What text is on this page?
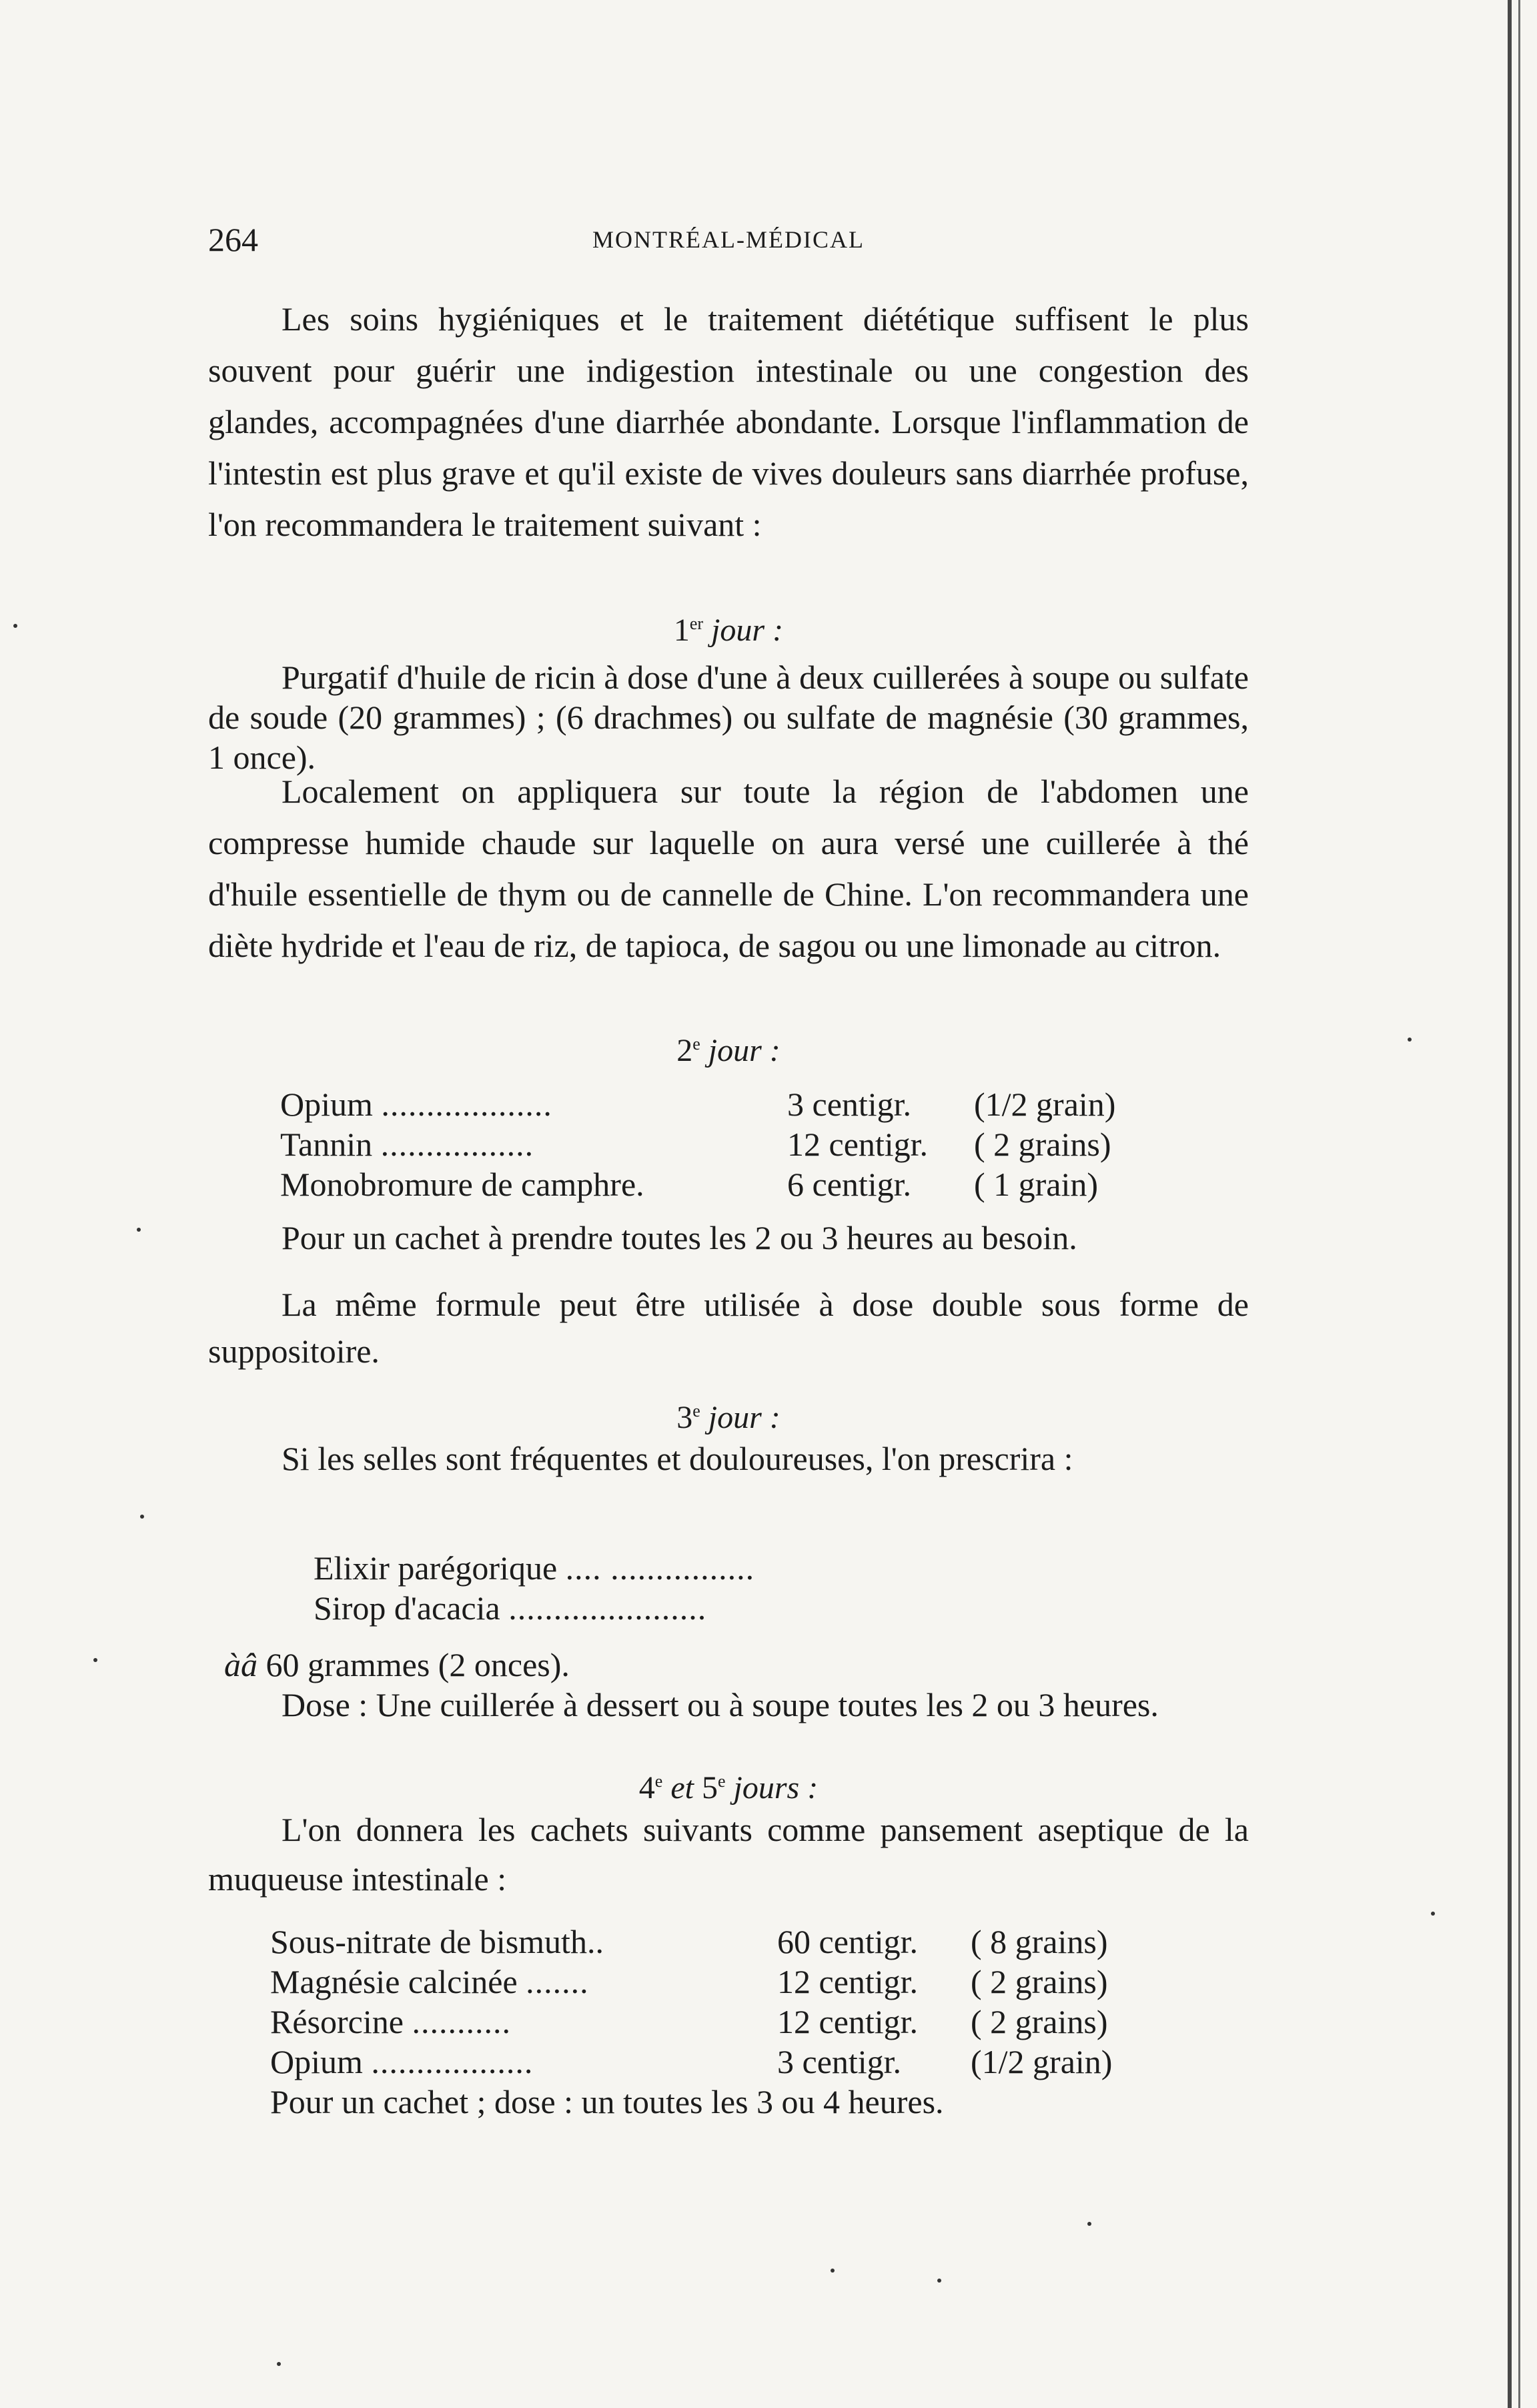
264	MONTRÉAL-MÉDICAL

Les soins hygiéniques et le traitement diététique suffisent le plus souvent pour guérir une indigestion intestinale ou une congestion des glandes, accompagnées d'une diarrhée abondante. Lorsque l'inflammation de l'intestin est plus grave et qu'il existe de vives douleurs sans diarrhée profuse, l'on recommandera le traitement suivant :

1er jour :

Purgatif d'huile de ricin à dose d'une à deux cuillerées à soupe ou sulfate de soude (20 grammes) ; (6 drachmes) ou sulfate de magnésie (30 grammes, 1 once).

Localement on appliquera sur toute la région de l'abdomen une compresse humide chaude sur laquelle on aura versé une cuillerée à thé d'huile essentielle de thym ou de cannelle de Chine. L'on recommandera une diète hydride et l'eau de riz, de tapioca, de sagou ou une limonade au citron.

2e jour :
Opium ...................	3 centigr.	(1/2 grain)
Tannin .................	12 centigr.	( 2 grains)
Monobromure de camphre.	6 centigr.	( 1 grain)

Pour un cachet à prendre toutes les 2 ou 3 heures au besoin.

La même formule peut être utilisée à dose double sous forme de suppositoire.

3e jour :

Si les selles sont fréquentes et douloureuses, l'on prescrira :

Elixir parégorique .... ................
Sirop d'acacia ......................
àâ 60 grammes (2 onces).

Dose : Une cuillerée à dessert ou à soupe toutes les 2 ou 3 heures.

4e et 5e jours :

L'on donnera les cachets suivants comme pansement aseptique de la muqueuse intestinale :

Sous-nitrate de bismuth..	60 centigr.	( 8 grains)
Magnésie calcinée .......	12 centigr.	( 2 grains)
Résorcine ...........	12 centigr.	( 2 grains)
Opium ..................	3 centigr.	(1/2 grain)

Pour un cachet ; dose : un toutes les 3 ou 4 heures.
